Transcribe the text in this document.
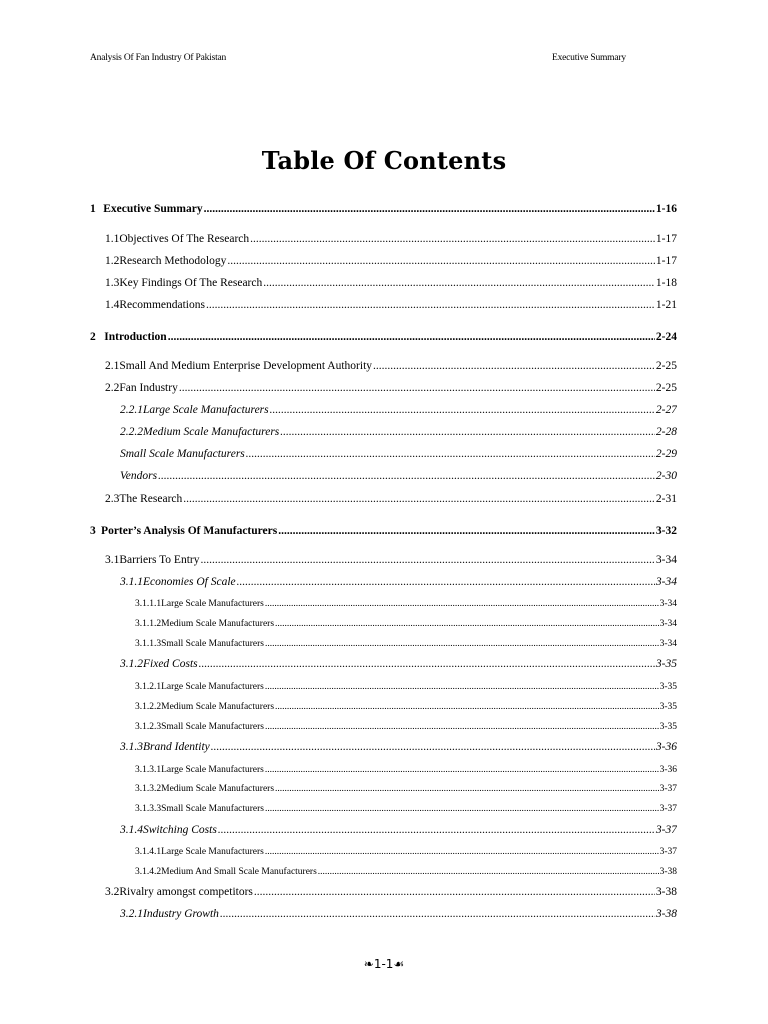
Analysis Of Fan Industry Of Pakistan	Executive Summary
Table Of Contents
1 Executive Summary .....	1-16
1.1 Objectives Of The Research .....	1-17
1.2 Research Methodology .....	1-17
1.3 Key Findings Of The Research .....	1-18
1.4 Recommendations .....	1-21
2 Introduction .....	2-24
2.1 Small And Medium Enterprise Development Authority .....	2-25
2.2 Fan Industry .....	2-25
2.2.1 Large Scale Manufacturers .....	2-27
2.2.2 Medium Scale Manufacturers .....	2-28
Small Scale Manufacturers .....	2-29
Vendors .....	2-30
2.3 The Research .....	2-31
3 Porter’s Analysis Of Manufacturers .....	3-32
3.1 Barriers To Entry .....	3-34
3.1.1 Economies Of Scale .....	3-34
3.1.1.1 Large Scale Manufacturers .....	3-34
3.1.1.2 Medium Scale Manufacturers .....	3-34
3.1.1.3 Small Scale Manufacturers .....	3-34
3.1.2 Fixed Costs .....	3-35
3.1.2.1 Large Scale Manufacturers .....	3-35
3.1.2.2 Medium Scale Manufacturers .....	3-35
3.1.2.3 Small Scale Manufacturers .....	3-35
3.1.3 Brand Identity .....	3-36
3.1.3.1 Large Scale Manufacturers .....	3-36
3.1.3.2 Medium Scale Manufacturers .....	3-37
3.1.3.3 Small Scale Manufacturers .....	3-37
3.1.4 Switching Costs .....	3-37
3.1.4.1 Large Scale Manufacturers .....	3-37
3.1.4.2 Medium And Small Scale Manufacturers .....	3-38
3.2 Rivalry amongst competitors .....	3-38
3.2.1 Industry Growth .....	3-38
❧1-1☙
